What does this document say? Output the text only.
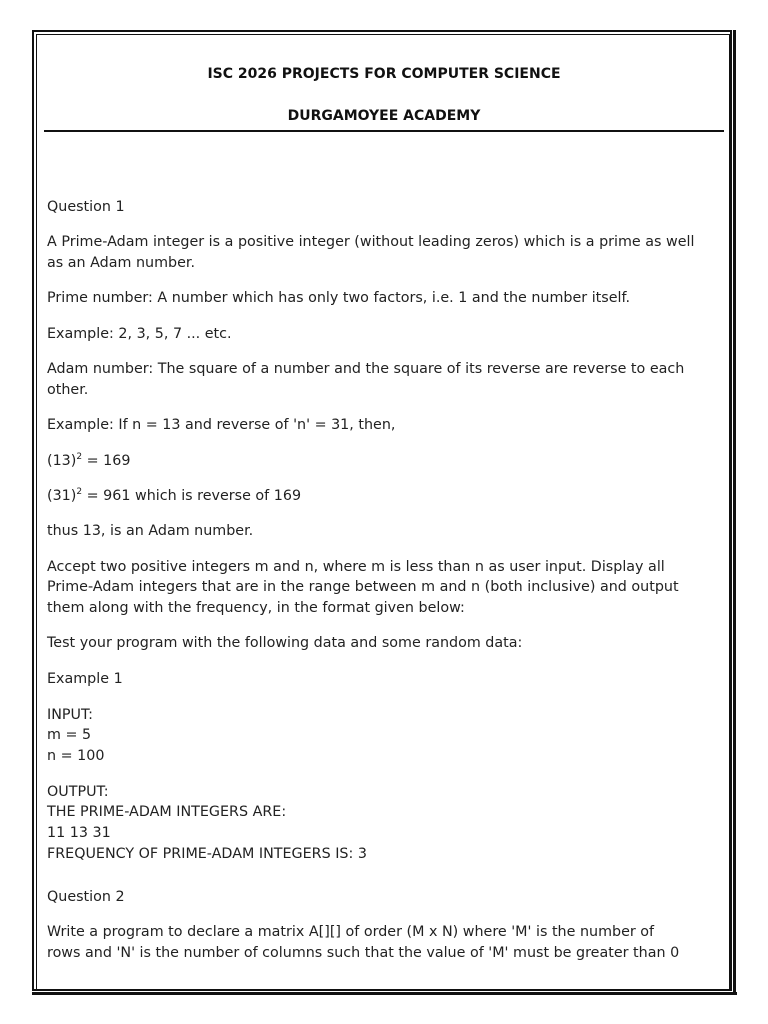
ISC 2026 PROJECTS FOR COMPUTER SCIENCE
DURGAMOYEE ACADEMY

Question 1

A Prime-Adam integer is a positive integer (without leading zeros) which is a prime as well

as an Adam number.

Prime number: A number which has only two factors, i.e. 1 and the number itself.

Example: 2, 3, 5, 7 ... etc.

Adam number: The square of a number and the square of its reverse are reverse to each

other.

Example: If n = 13 and reverse of 'n' = 31, then,

$(13)^2 = 169$

$(31)^2 = 961$ which is reverse of 169

thus 13, is an Adam number.

Accept two positive integers m and n, where m is less than n as user input. Display all

Prime-Adam integers that are in the range between m and n (both inclusive) and output

them along with the frequency, in the format given below:

Test your program with the following data and some random data:

Example 1

INPUT:

m = 5

n = 100

OUTPUT:

THE PRIME-ADAM INTEGERS ARE:

11 13 31

FREQUENCY OF PRIME-ADAM INTEGERS IS: 3

Question 2

Write a program to declare a matrix A[][] of order (M x N) where 'M' is the number of

rows and 'N' is the number of columns such that the value of 'M' must be greater than 0
